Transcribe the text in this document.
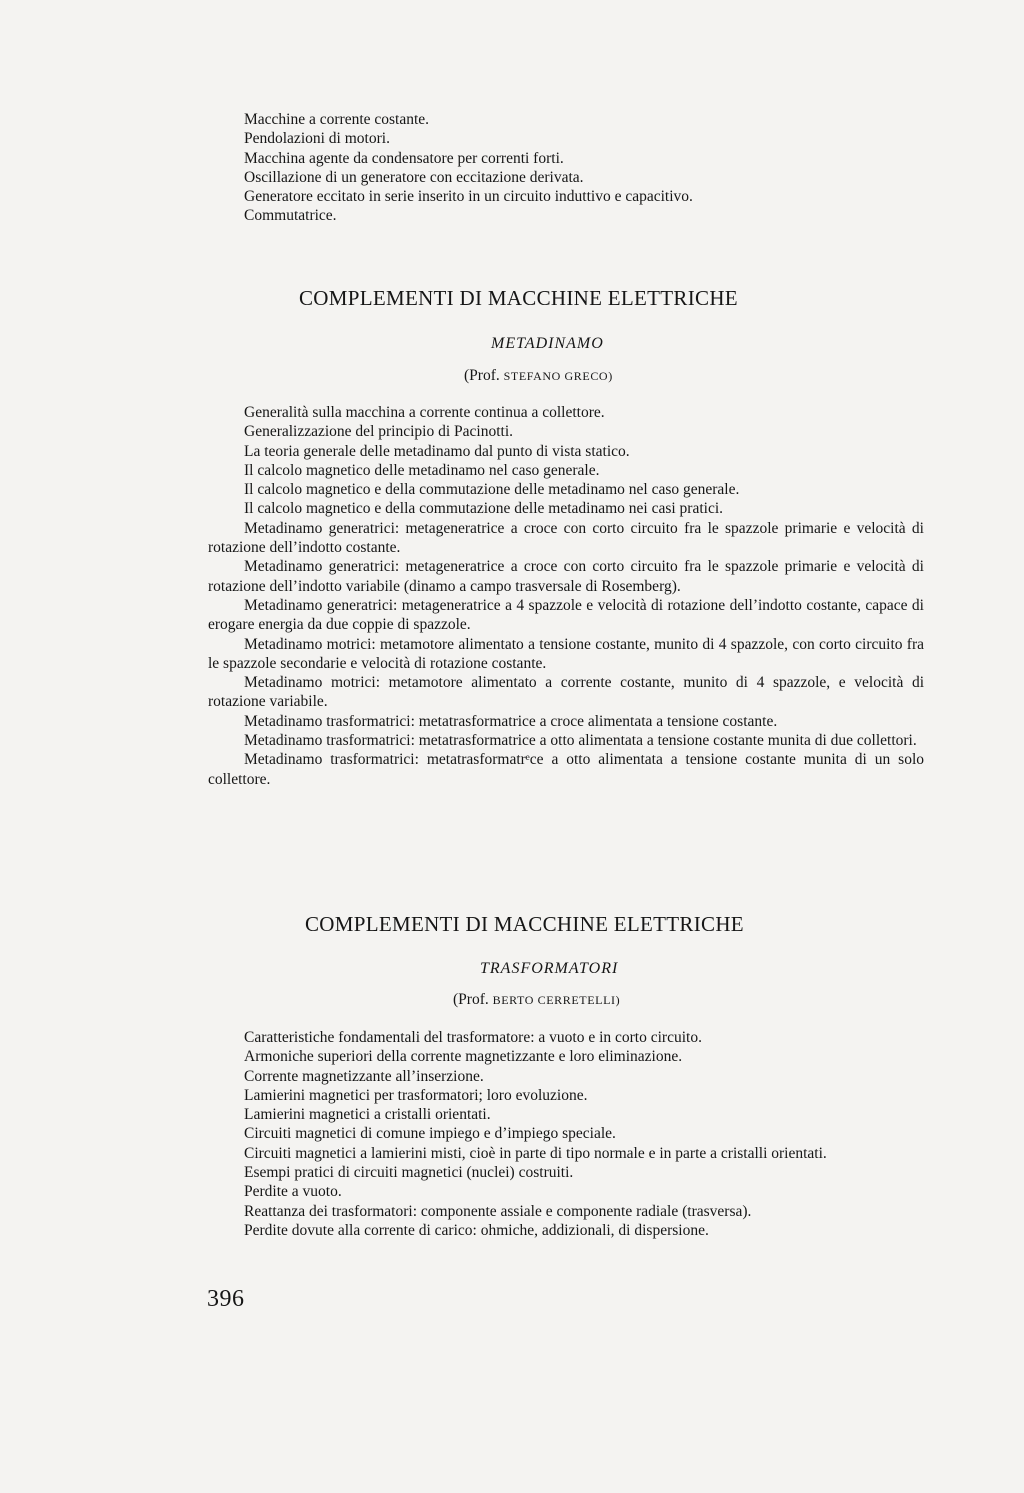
Macchine a corrente costante.
Pendolazioni di motori.
Macchina agente da condensatore per correnti forti.
Oscillazione di un generatore con eccitazione derivata.
Generatore eccitato in serie inserito in un circuito induttivo e capacitivo.
Commutatrice.
COMPLEMENTI DI MACCHINE ELETTRICHE
METADINAMO
(Prof. STEFANO GRECO)

Generalità sulla macchina a corrente continua a collettore.

Generalizzazione del principio di Pacinotti.

La teoria generale delle metadinamo dal punto di vista statico.

Il calcolo magnetico delle metadinamo nel caso generale.

Il calcolo magnetico e della commutazione delle metadinamo nel caso generale.

Il calcolo magnetico e della commutazione delle metadinamo nei casi pratici.

Metadinamo generatrici: metageneratrice a croce con corto circuito fra le spazzole primarie e velocità di rotazione dell’indotto costante.

Metadinamo generatrici: metageneratrice a croce con corto circuito fra le spazzole primarie e velocità di rotazione dell’indotto variabile (dinamo a campo trasversale di Rosemberg).

Metadinamo generatrici: metageneratrice a 4 spazzole e velocità di rotazione dell’indotto costante, capace di erogare energia da due coppie di spazzole.

Metadinamo motrici: metamotore alimentato a tensione costante, munito di 4 spazzole, con corto circuito fra le spazzole secondarie e velocità di rotazione costante.

Metadinamo motrici: metamotore alimentato a corrente costante, munito di 4 spazzole, e velocità di rotazione variabile.

Metadinamo trasformatrici: metatrasformatrice a croce alimentata a tensione costante.

Metadinamo trasformatrici: metatrasformatrice a otto alimentata a tensione costante munita di due collettori.

Metadinamo trasformatrici: metatrasformatrᵉce a otto alimentata a tensione costante munita di un solo collettore.

COMPLEMENTI DI MACCHINE ELETTRICHE
TRASFORMATORI
(Prof. BERTO CERRETELLI)

Caratteristiche fondamentali del trasformatore: a vuoto e in corto circuito.

Armoniche superiori della corrente magnetizzante e loro eliminazione.

Corrente magnetizzante all’inserzione.

Lamierini magnetici per trasformatori; loro evoluzione.

Lamierini magnetici a cristalli orientati.

Circuiti magnetici di comune impiego e d’impiego speciale.

Circuiti magnetici a lamierini misti, cioè in parte di tipo normale e in parte a cristalli orientati.

Esempi pratici di circuiti magnetici (nuclei) costruiti.

Perdite a vuoto.

Reattanza dei trasformatori: componente assiale e componente radiale (trasversa).

Perdite dovute alla corrente di carico: ohmiche, addizionali, di dispersione.

396
